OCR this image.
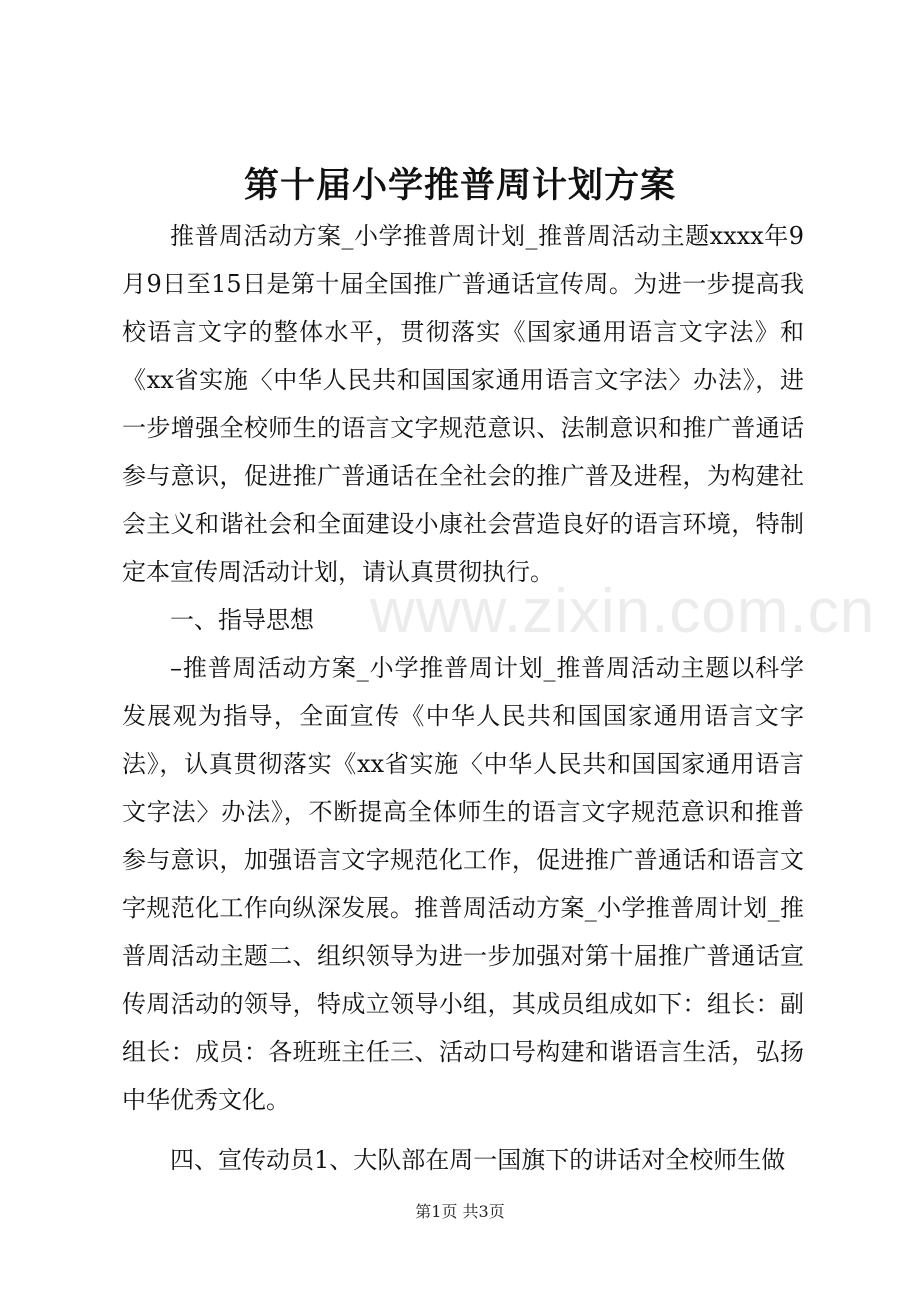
第十届小学推普周计划方案

推普周活动方案_小学推普周计划_推普周活动主题xxxx年9月9日至15日是第十届全国推广普通话宣传周。为进一步提高我校语言文字的整体水平，贯彻落实《国家通用语言文字法》和《xx省实施〈中华人民共和国国家通用语言文字法〉办法》，进一步增强全校师生的语言文字规范意识、法制意识和推广普通话参与意识，促进推广普通话在全社会的推广普及进程，为构建社会主义和谐社会和全面建设小康社会营造良好的语言环境，特制定本宣传周活动计划，请认真贯彻执行。

一、指导思想

–推普周活动方案_小学推普周计划_推普周活动主题以科学发展观为指导，全面宣传《中华人民共和国国家通用语言文字法》，认真贯彻落实《xx省实施〈中华人民共和国国家通用语言文字法〉办法》，不断提高全体师生的语言文字规范意识和推普参与意识，加强语言文字规范化工作，促进推广普通话和语言文字规范化工作向纵深发展。推普周活动方案_小学推普周计划_推普周活动主题二、组织领导为进一步加强对第十届推广普通话宣传周活动的领导，特成立领导小组，其成员组成如下：组长：副组长：成员：各班班主任三、活动口号构建和谐语言生活，弘扬中华优秀文化。

四、宣传动员1、大队部在周一国旗下的讲话对全校师生做

www.zixin.com.cn
第1页 共3页
